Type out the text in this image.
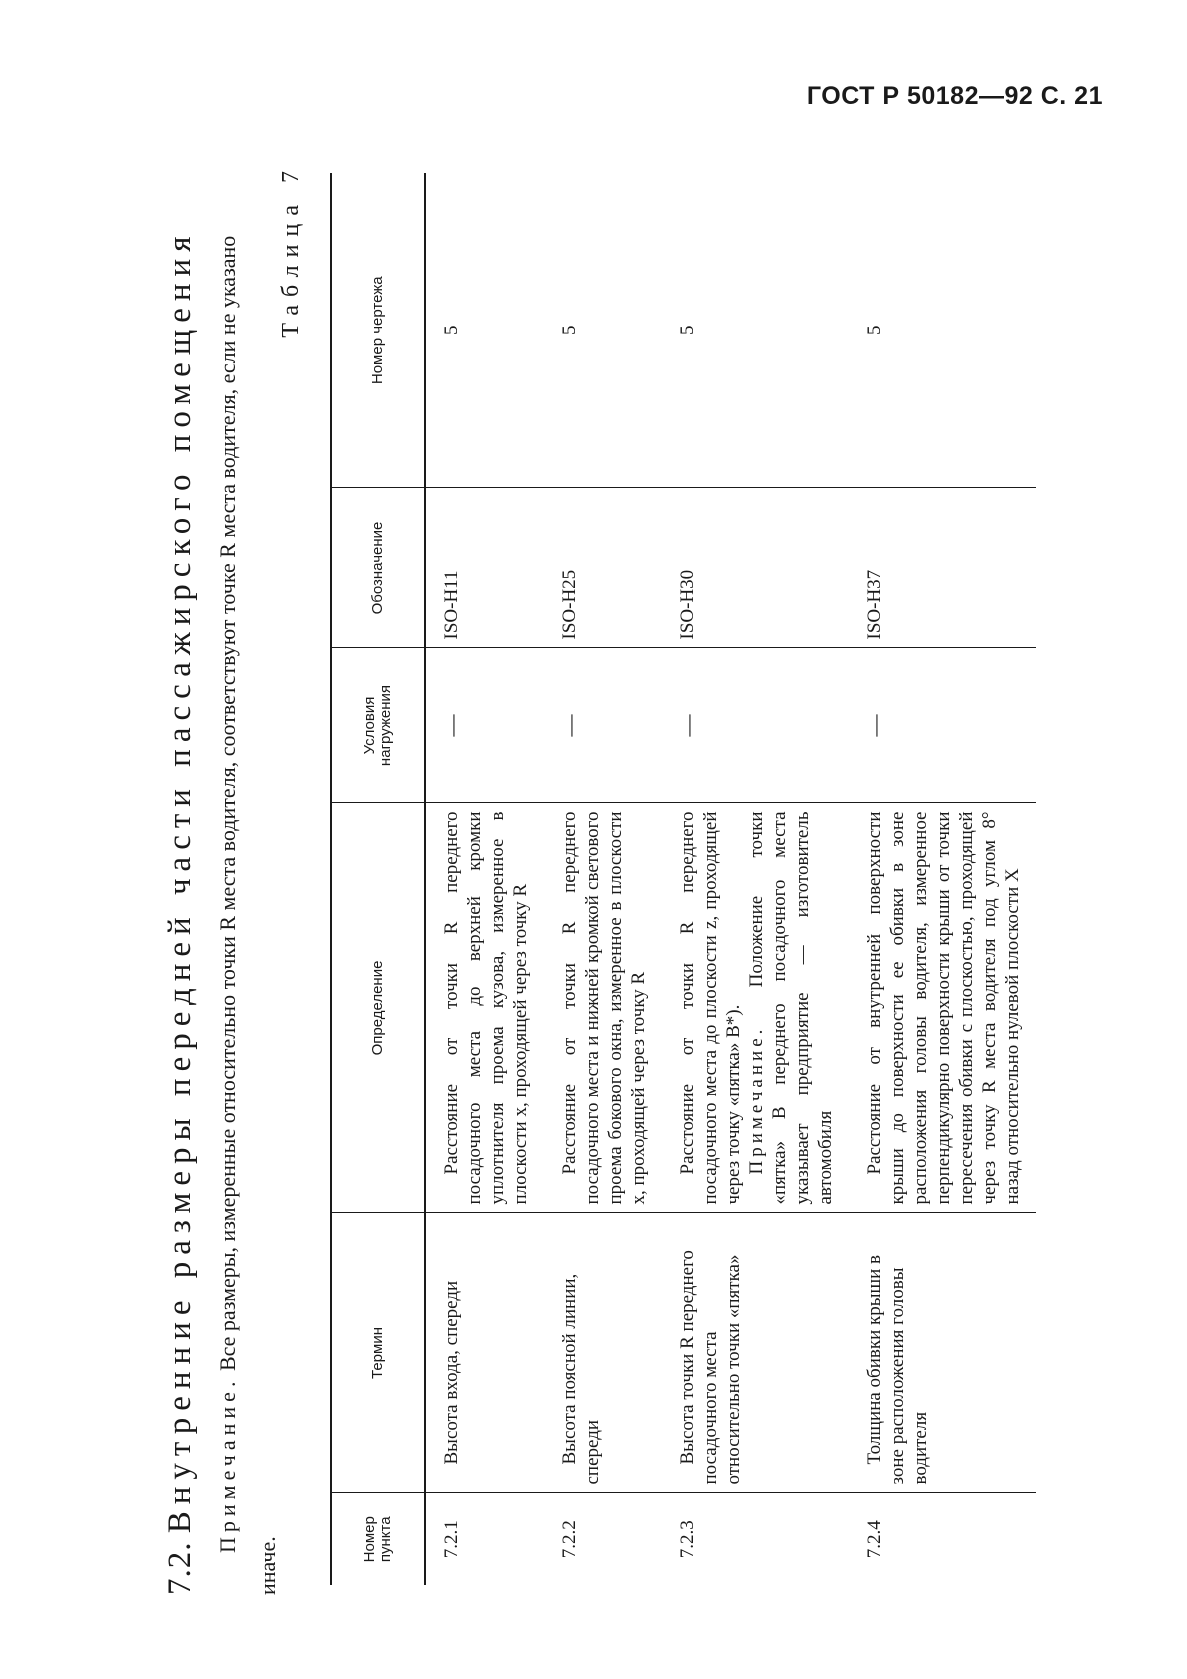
ГОСТ Р 50182—92 С. 21
7.2. Внутренние размеры передней части пассажирского помещения Примечание. Все размеры, измеренные относительно точки R места водителя, соответствуют точке R места водителя, если не указано иначе.
Таблица 7
Номер пункта	Термин	Определение	Условия нагружения	Обозначение	Номер чертежа
7.2.1	Высота входа, спереди	Расстояние от точки R переднего посадочного места до верхней кромки уплотнителя проема кузова, измеренное в плоскости x, проходящей через точку R	—	ISO-H11	5
7.2.2	Высота поясной линии, спереди	Расстояние от точки R переднего посадочного места и нижней кромкой светового проема бокового окна, измеренное в плоскости x, проходящей через точку R	—	ISO-H25	5
7.2.3	Высота точки R переднего посадочного места относительно точки «пятка»	Расстояние от точки R переднего посадочного места до плоскости z, проходящей через точку «пятка» B*). Примечание. Положение точки «пятка» B переднего посадочного места указывает предприятие — изготовитель автомобиля	—	ISO-H30	5
7.2.4	Толщина обивки крыши в зоне расположения головы водителя	Расстояние от внутренней поверхности крыши до поверхности ее обивки в зоне расположения головы водителя, измеренное перпендикулярно поверхности крыши от точки пересечения обивки с плоскостью, проходящей через точку R места водителя под углом 8° назад относительно нулевой плоскости X	—	ISO-H37	5
